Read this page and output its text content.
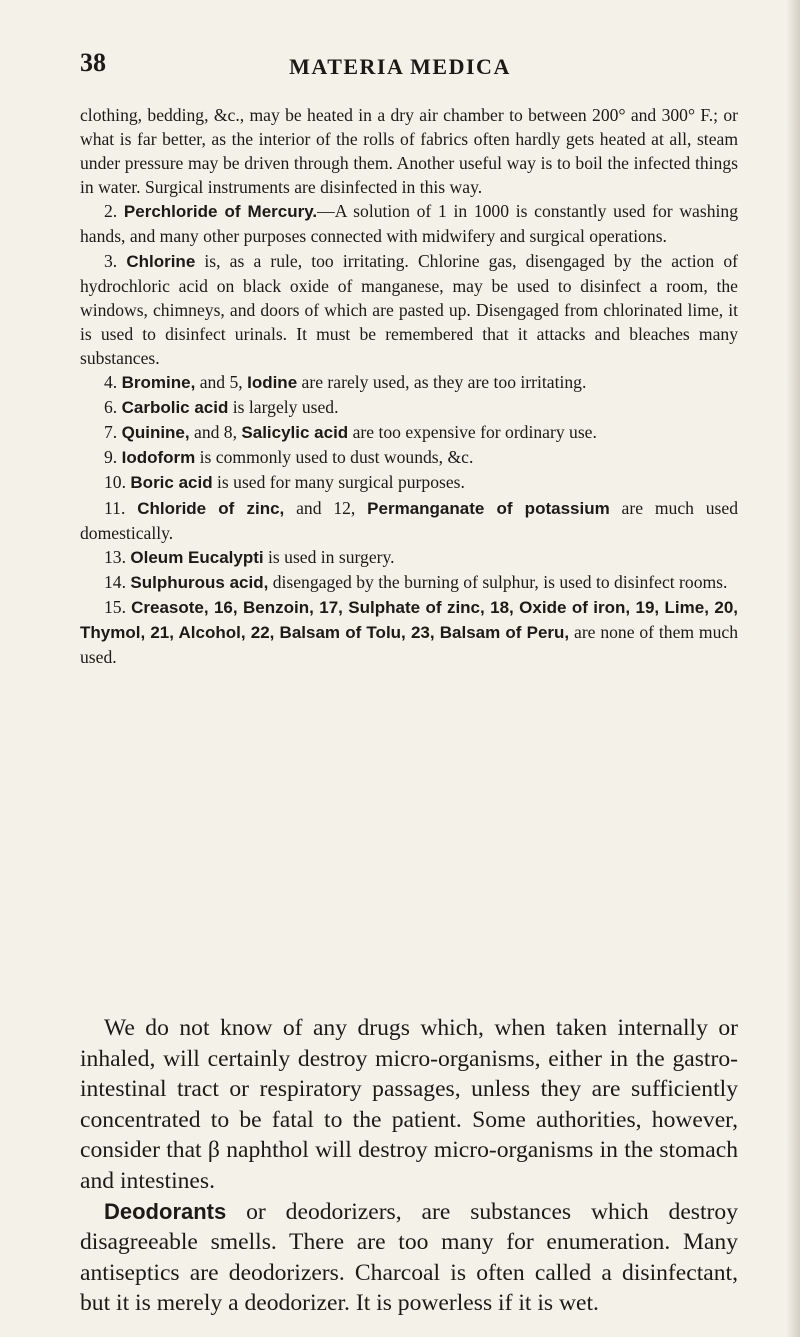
38	MATERIA MEDICA

clothing, bedding, &c., may be heated in a dry air chamber to between 200° and 300° F.; or what is far better, as the interior of the rolls of fabrics often hardly gets heated at all, steam under pressure may be driven through them. Another useful way is to boil the infected things in water. Surgical instruments are disinfected in this way.

2. Perchloride of Mercury.—A solution of 1 in 1000 is constantly used for washing hands, and many other purposes connected with midwifery and surgical operations.

3. Chlorine is, as a rule, too irritating. Chlorine gas, disengaged by the action of hydrochloric acid on black oxide of manganese, may be used to disinfect a room, the windows, chimneys, and doors of which are pasted up. Disengaged from chlorinated lime, it is used to disinfect urinals. It must be remembered that it attacks and bleaches many substances.

4. Bromine, and 5, Iodine are rarely used, as they are too irritating.

6. Carbolic acid is largely used.

7. Quinine, and 8, Salicylic acid are too expensive for ordinary use.

9. Iodoform is commonly used to dust wounds, &c.

10. Boric acid is used for many surgical purposes.

11. Chloride of zinc, and 12, Permanganate of potassium are much used domestically.

13. Oleum Eucalypti is used in surgery.

14. Sulphurous acid, disengaged by the burning of sulphur, is used to disinfect rooms.

15. Creasote, 16, Benzoin, 17, Sulphate of zinc, 18, Oxide of iron, 19, Lime, 20, Thymol, 21, Alcohol, 22, Balsam of Tolu, 23, Balsam of Peru, are none of them much used.

We do not know of any drugs which, when taken internally or inhaled, will certainly destroy micro-organisms, either in the gastro-intestinal tract or respiratory passages, unless they are sufficiently concentrated to be fatal to the patient. Some authorities, however, consider that β naphthol will destroy micro-organisms in the stomach and intestines.

Deodorants or deodorizers, are substances which destroy disagreeable smells. There are too many for enumeration. Many antiseptics are deodorizers. Charcoal is often called a disinfectant, but it is merely a deodorizer. It is powerless if it is wet.
